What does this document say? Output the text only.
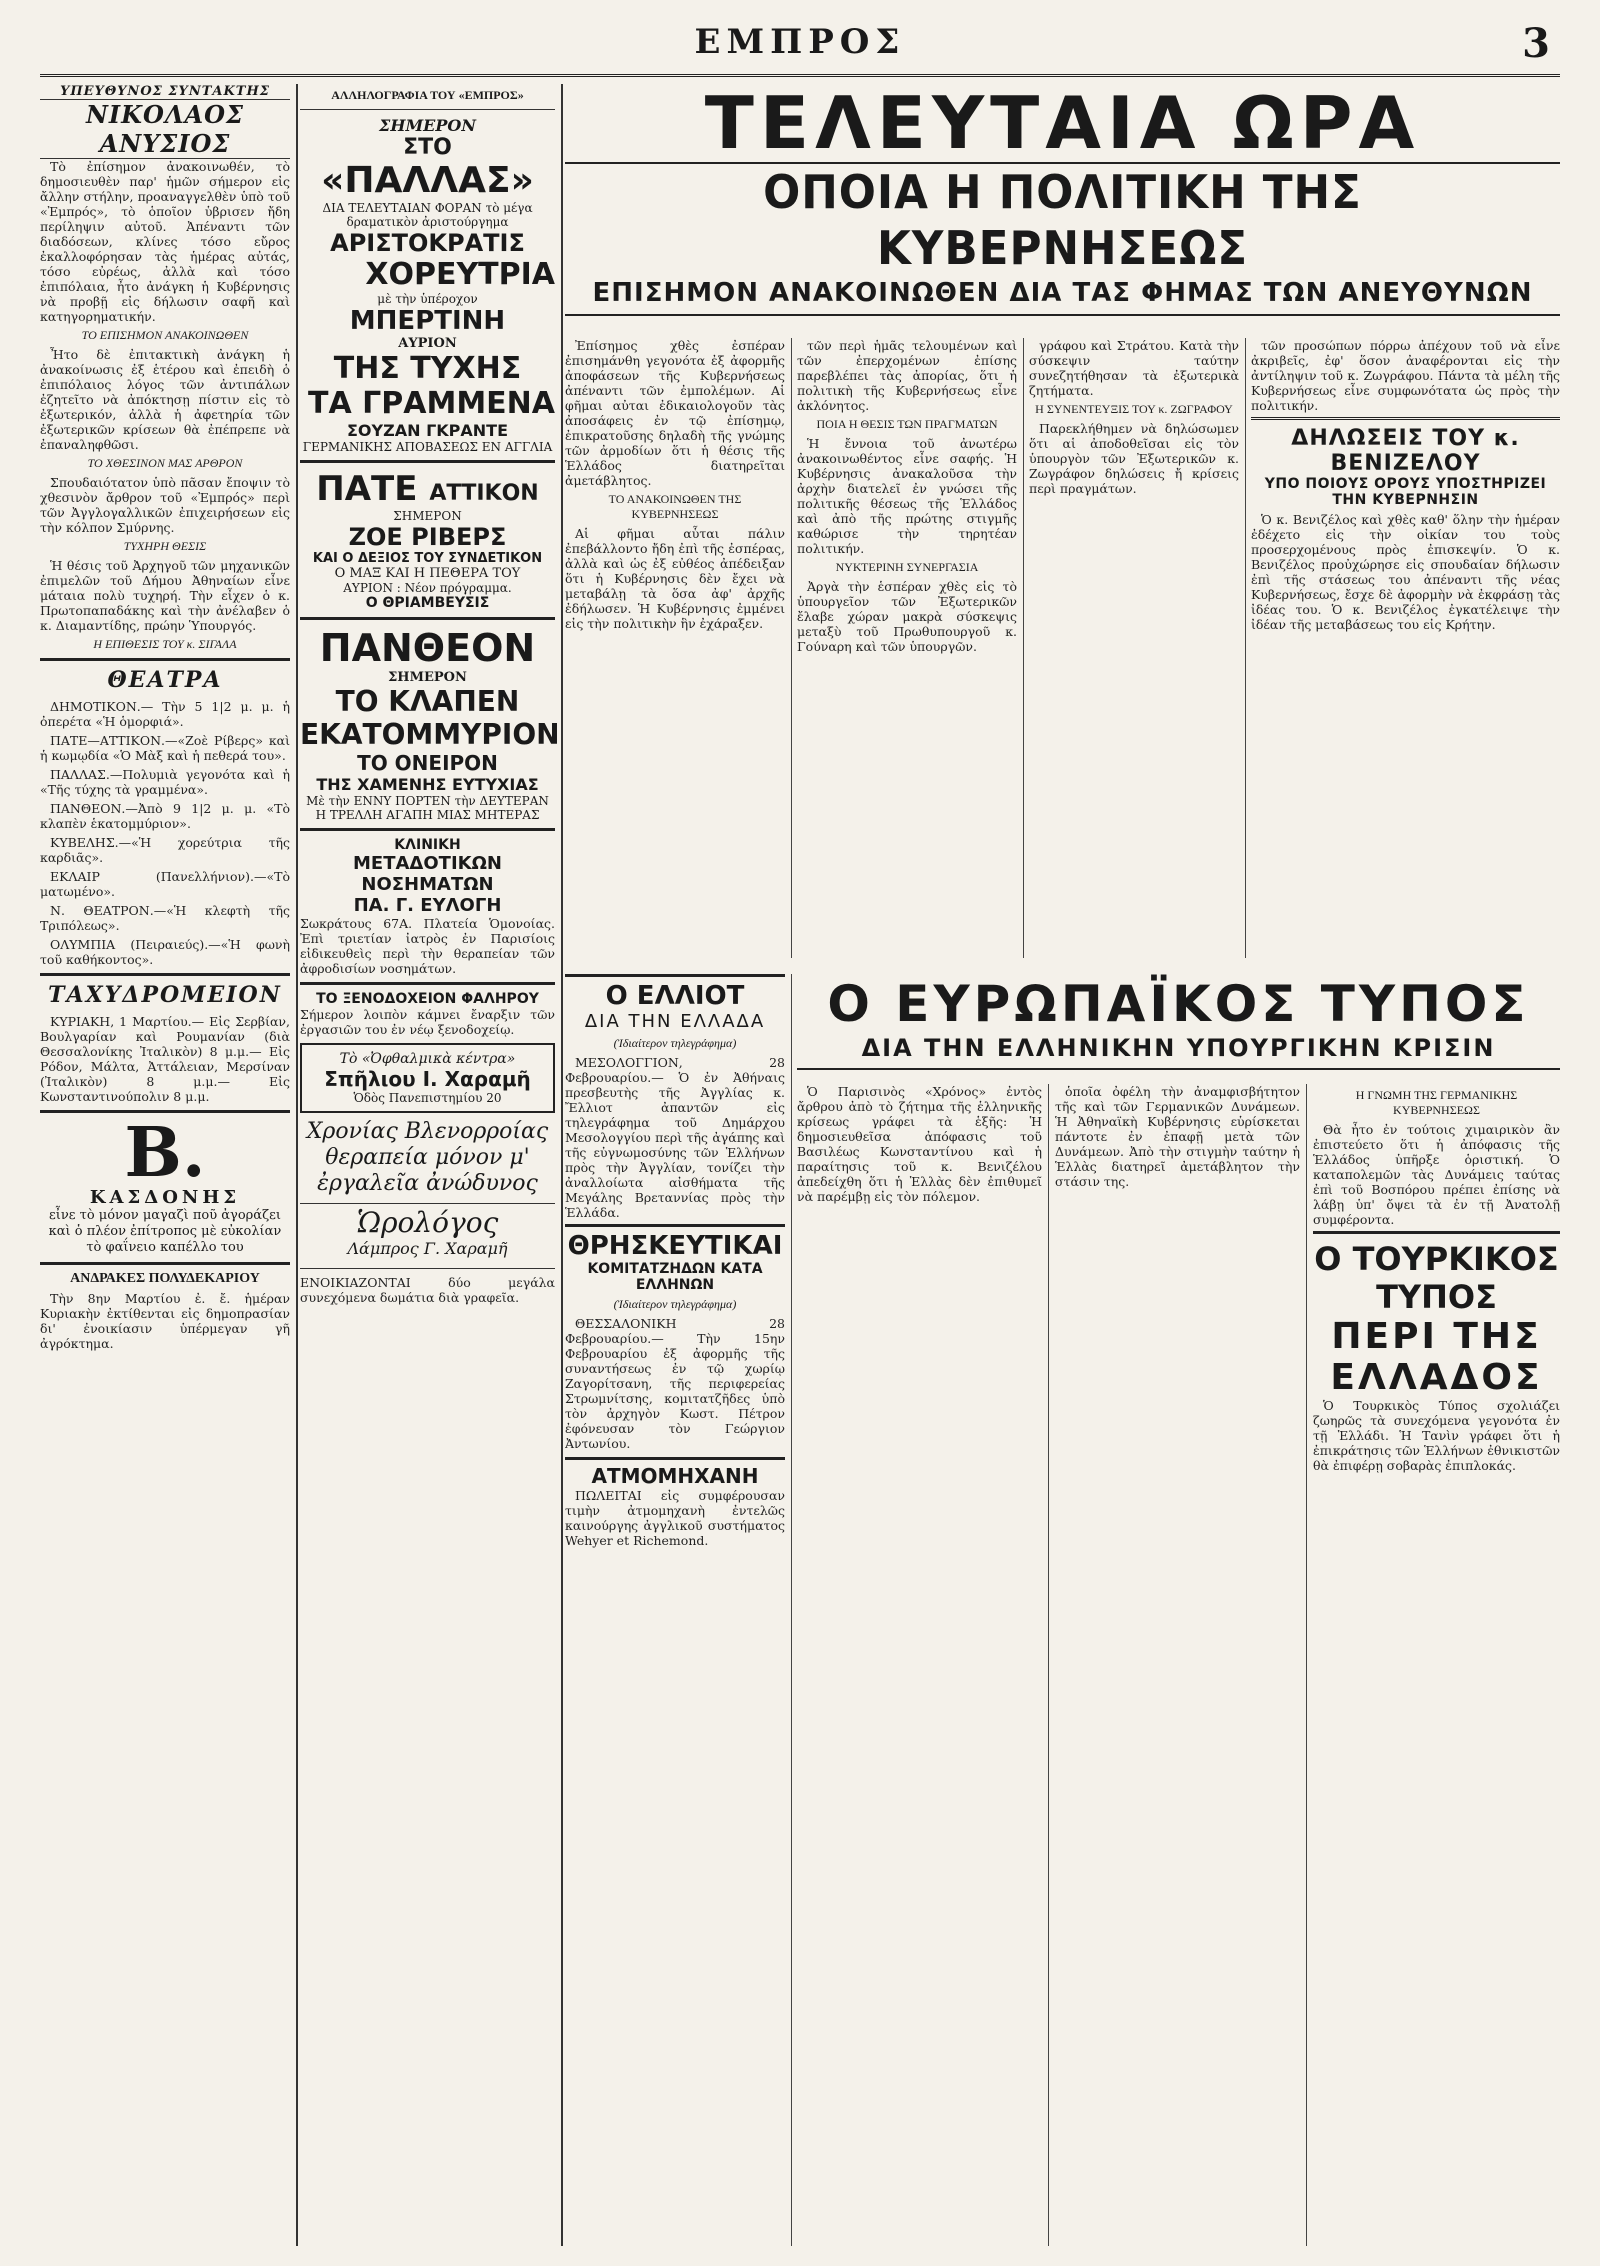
ΕΜΠΡΟΣ	3
ΥΠΕΥΘΥΝΟΣ ΣΥΝΤΑΚΤΗΣ
ΝΙΚΟΛΑΟΣ ΑΝΥΣΙΟΣ

Τὸ ἐπίσημον ἀνακοινωθέν, τὸ δημοσιευθὲν παρ' ἡμῶν σήμερον εἰς ἄλλην στήλην, προαναγγελθὲν ὑπὸ τοῦ «Ἐμπρός», τὸ ὁποῖον ὑβρισεν ἤδη περίληψιν αὐτοῦ. Ἀπέναντι τῶν διαδόσεων, κλίνες τόσο εὔρος ἐκαλλοφόρησαν τὰς ἡμέρας αὐτάς, τόσο εὐρέως, ἀλλὰ καὶ τόσο ἐπιπόλαια, ἦτο ἀνάγκη ἡ Κυβέρνησις νὰ προβῇ εἰς δήλωσιν σαφῆ καὶ κατηγορηματικήν.

ΤΟ ΕΠΙΣΗΜΟΝ ΑΝΑΚΟΙΝΩΘΕΝ

Ἦτο δὲ ἐπιτακτικὴ ἀνάγκη ἡ ἀνακοίνωσις ἐξ ἑτέρου καὶ ἐπειδὴ ὁ ἐπιπόλαιος λόγος τῶν ἀντιπάλων ἐζητεῖτο νὰ ἀπόκτησῃ πίστιν εἰς τὸ ἐξωτερικόν, ἀλλὰ ἡ ἀφετηρία τῶν ἐξωτερικῶν κρίσεων θὰ ἐπέπρεπε νὰ ἐπαναληφθῶσι.

ΤΟ ΧΘΕΣΙΝΟΝ ΜΑΣ ΑΡΘΡΟΝ

Σπουδαιότατον ὑπὸ πᾶσαν ἔποψιν τὸ χθεσινὸν ἄρθρον τοῦ «Ἐμπρός» περὶ τῶν Ἀγγλογαλλικῶν ἐπιχειρήσεων εἰς τὴν κόλπον Σμύρνης.

ΤΥΧΗΡΗ ΘΕΣΙΣ

Ἡ θέσις τοῦ Ἀρχηγοῦ τῶν μηχανικῶν ἐπιμελῶν τοῦ Δήμου Ἀθηναίων εἶνε μάταια πολὺ τυχηρή. Τὴν εἶχεν ὁ κ. Πρωτοπαπαδάκης καὶ τὴν ἀνέλαβεν ὁ κ. Διαμαντίδης, πρώην Ὑπουργός.

Η ΕΠΙΘΕΣΙΣ ΤΟΥ κ. ΣΙΓΑΛΑ
ΘΕΑΤΡΑ

ΔΗΜΟΤΙΚΟΝ.— Τὴν 5 1|2 μ. μ. ἡ ὀπερέτα «Ἡ ὁμορφιά».

ΠΑΤΕ—ΑΤΤΙΚΟΝ.—«Ζοὲ Ρίβερς» καὶ ἡ κωμῳδία «Ὁ Μὰξ καὶ ἡ πεθερά του».

ΠΑΛΛΑΣ.—Πολυμιὰ γεγονότα καὶ ἡ «Τῆς τύχης τὰ γραμμένα».

ΠΑΝΘΕΟΝ.—Ἀπὸ 9 1|2 μ. μ. «Τὸ κλαπὲν ἑκατομμύριον».

ΚΥΒΕΛΗΣ.—«Ἡ χορεύτρια τῆς καρδιᾶς».

ΕΚΛΑΙΡ (Πανελλήνιον).—«Τὸ ματωμένο».

Ν. ΘΕΑΤΡΟΝ.—«Ἡ κλεφτὴ τῆς Τριπόλεως».

ΟΛΥΜΠΙΑ (Πειραιεύς).—«Ἡ φωνὴ τοῦ καθήκοντος».

ΤΑΧΥΔΡΟΜΕΙΟΝ

ΚΥΡΙΑΚΗ, 1 Μαρτίου.— Εἰς Σερβίαν, Βουλγαρίαν καὶ Ρουμανίαν (διὰ Θεσσαλονίκης Ἰταλικὸν) 8 μ.μ.— Εἰς Ρόδον, Μάλτα, Ἀττάλειαν, Μερσίναν (Ἰταλικὸν) 8 μ.μ.— Εἰς Κωνσταντινούπολιν 8 μ.μ.

Β.
ΚΑΣΔΟΝΗΣ
εἶνε τὸ μόνον μαγαζὶ ποῦ ἀγοράζει καὶ ὁ πλέον ἐπίτροπος μὲ εὐκολίαν τὸ φαΐνειο καπέλλο του
ΑΝΔΡΑΚΕΣ ΠΟΛΥΔΕΚΑΡΙΟΥ

Τὴν 8ην Μαρτίου ἐ. ἔ. ἡμέραν Κυριακὴν ἐκτίθενται εἰς δημοπρασίαν δι' ἐνοικίασιν ὑπέρμεγαν γῆ ἀγρόκτημα.

ΑΛΛΗΛΟΓΡΑΦΙΑ ΤΟΥ «ΕΜΠΡΟΣ»
ΣΗΜΕΡΟΝ
ΣΤΟ «ΠΑΛΛΑΣ»
ΔΙΑ ΤΕΛΕΥΤΑΙΑΝ ΦΟΡΑΝ τὸ μέγα δραματικὸν ἀριστούργημα
ΑΡΙΣΤΟΚΡΑΤΙΣ
ΧΟΡΕΥΤΡΙΑ
μὲ τὴν ὑπέροχον
ΜΠΕΡΤΙΝΗ
ΑΥΡΙΟΝ
ΤΗΣ ΤΥΧΗΣ
ΤΑ ΓΡΑΜΜΕΝΑ
ΣΟΥΖΑΝ ΓΚΡΑΝΤΕ
ΓΕΡΜΑΝΙΚΗΣ ΑΠΟΒΑΣΕΩΣ ΕΝ ΑΓΓΛΙΑ
ΠΑΤΕ ΑΤΤΙΚΟΝ
ΣΗΜΕΡΟΝ
ΖΟΕ ΡΙΒΕΡΣ
ΚΑΙ Ο ΔΕΞΙΟΣ ΤΟΥ ΣΥΝΔΕΤΙΚΟΝ
Ο ΜΑΞ ΚΑΙ Η ΠΕΘΕΡΑ ΤΟΥ
ΑΥΡΙΟΝ : Νέον πρόγραμμα.
Ο ΘΡΙΑΜΒΕΥΣΙΣ
ΠΑΝΘΕΟΝ
ΣΗΜΕΡΟΝ
ΤΟ ΚΛΑΠΕΝ
ΕΚΑΤΟΜΜΥΡΙΟΝ
ΤΟ ΟΝΕΙΡΟΝ
ΤΗΣ ΧΑΜΕΝΗΣ ΕΥΤΥΧΙΑΣ
Μὲ τὴν ΕΝΝΥ ΠΟΡΤΕΝ τὴν ΔΕΥΤΕΡΑΝ
Η ΤΡΕΛΛΗ ΑΓΑΠΗ ΜΙΑΣ ΜΗΤΕΡΑΣ
ΚΛΙΝΙΚΗ
ΜΕΤΑΔΟΤΙΚΩΝ ΝΟΣΗΜΑΤΩΝ
ΠΑ. Γ. ΕΥΛΟΓΗ
Σωκράτους 67Α. Πλατεία Ὁμονοίας. Ἐπὶ τριετίαν ἰατρὸς ἐν Παρισίοις εἰδικευθεὶς περὶ τὴν θεραπείαν τῶν ἀφροδισίων νοσημάτων.
ΤΟ ΞΕΝΟΔΟΧΕΙΟΝ ΦΑΛΗΡΟΥ
Σήμερον λοιπὸν κάμνει ἔναρξιν τῶν ἐργασιῶν του ἐν νέῳ ξενοδοχείῳ.
Τὸ «Ὀφθαλμικὰ κέντρα»
Σπῆλιου Ι. Χαραμῆ
Ὁδὸς Πανεπιστημίου 20
Χρονίας Βλενορροίας θεραπεία μόνον μ' ἐργαλεῖα ἀνώδυνος
Ὡρολόγος
Λάμπρος Γ. Χαραμῆ
ΕΝΟΙΚΙΑΖΟΝΤΑΙ δύο μεγάλα συνεχόμενα δωμάτια διὰ γραφεῖα.
ΤΕΛΕΥΤΑΙΑ ΩΡΑ
ΟΠΟΙΑ Η ΠΟΛΙΤΙΚΗ ΤΗΣ ΚΥΒΕΡΝΗΣΕΩΣ
ΕΠΙΣΗΜΟΝ ΑΝΑΚΟΙΝΩΘΕΝ ΔΙΑ ΤΑΣ ΦΗΜΑΣ ΤΩΝ ΑΝΕΥΘΥΝΩΝ

Ἐπίσημος χθὲς ἐσπέραν ἐπισημάνθη γεγονότα ἐξ ἀφορμῆς ἀποφάσεων τῆς Κυβερνήσεως ἀπέναντι τῶν ἐμπολέμων. Αἱ φῆμαι αὐται ἐδικαιολογοῦν τὰς ἀποσάφεις ἐν τῷ ἐπίσημῳ, ἐπικρατοῦσης δηλαδὴ τῆς γνώμης τῶν ἀρμοδίων ὅτι ἡ θέσις τῆς Ἑλλάδος διατηρεῖται ἀμετάβλητος.

ΤΟ ΑΝΑΚΟΙΝΩΘΕΝ ΤΗΣ ΚΥΒΕΡΝΗΣΕΩΣ

Αἱ φῆμαι αὗται πάλιν ἐπεβάλλοντο ἤδη ἐπὶ τῆς ἐσπέρας, ἀλλὰ καὶ ὡς ἐξ εὐθέος ἀπέδειξαν ὅτι ἡ Κυβέρνησις δὲν ἔχει νὰ μεταβάλῃ τὰ ὅσα ἀφ' ἀρχῆς ἐδήλωσεν. Ἡ Κυβέρνησις ἐμμένει εἰς τὴν πολιτικὴν ἣν ἐχάραξεν.

τῶν περὶ ἡμᾶς τελουμένων καὶ τῶν ἐπερχομένων ἐπίσης παρεβλέπει τὰς ἀπορίας, ὅτι ἡ πολιτικὴ τῆς Κυβερνήσεως εἶνε ἀκλόνητος.

ΠΟΙΑ Η ΘΕΣΙΣ ΤΩΝ ΠΡΑΓΜΑΤΩΝ

Ἡ ἔννοια τοῦ ἀνωτέρω ἀνακοινωθέντος εἶνε σαφής. Ἡ Κυβέρνησις ἀνακαλοῦσα τὴν ἀρχὴν διατελεῖ ἐν γνώσει τῆς πολιτικῆς θέσεως τῆς Ἑλλάδος καὶ ἀπὸ τῆς πρώτης στιγμῆς καθώρισε τὴν τηρητέαν πολιτικήν.

ΝΥΚΤΕΡΙΝΗ ΣΥΝΕΡΓΑΣΙΑ

Ἀργὰ τὴν ἑσπέραν χθὲς εἰς τὸ ὑπουργεῖον τῶν Ἐξωτερικῶν ἔλαβε χώραν μακρὰ σύσκεψις μεταξὺ τοῦ Πρωθυπουργοῦ κ. Γούναρη καὶ τῶν ὑπουργῶν.

γράφου καὶ Στράτου. Κατὰ τὴν σύσκεψιν ταύτην συνεζητήθησαν τὰ ἐξωτερικὰ ζητήματα.

Η ΣΥΝΕΝΤΕΥΞΙΣ ΤΟΥ κ. ΖΩΓΡΑΦΟΥ

Παρεκλήθημεν νὰ δηλώσωμεν ὅτι αἱ ἀποδοθεῖσαι εἰς τὸν ὑπουργὸν τῶν Ἐξωτερικῶν κ. Ζωγράφον δηλώσεις ἤ κρίσεις περὶ πραγμάτων.

τῶν προσώπων πόρρω ἀπέχουν τοῦ νὰ εἶνε ἀκριβεῖς, ἐφ' ὅσον ἀναφέρονται εἰς τὴν ἀντίληψιν τοῦ κ. Ζωγράφου. Πάντα τὰ μέλη τῆς Κυβερνήσεως εἶνε συμφωνότατα ὡς πρὸς τὴν πολιτικήν.

ΔΗΛΩΣΕΙΣ ΤΟΥ κ. ΒΕΝΙΖΕΛΟΥ
ΥΠΟ ΠΟΙΟΥΣ ΟΡΟΥΣ ΥΠΟΣΤΗΡΙΖΕΙ ΤΗΝ ΚΥΒΕΡΝΗΣΙΝ

Ὁ κ. Βενιζέλος καὶ χθὲς καθ' ὅλην τὴν ἡμέραν ἐδέχετο εἰς τὴν οἰκίαν του τοὺς προσερχομένους πρὸς ἐπισκεψίν. Ὁ κ. Βενιζέλος προὐχώρησε εἰς σπουδαίαν δήλωσιν ἐπὶ τῆς στάσεως του ἀπέναντι τῆς νέας Κυβερνήσεως, ἔσχε δὲ ἀφορμὴν νὰ ἐκφράσῃ τὰς ἰδέας του. Ὁ κ. Βενιζέλος ἐγκατέλειψε τὴν ἰδέαν τῆς μεταβάσεως του εἰς Κρήτην.

Ο ΕΛΛΙΟΤ
ΔΙΑ ΤΗΝ ΕΛΛΑΔΑ
(Ἰδιαίτερον τηλεγράφημα)

ΜΕΣΟΛΟΓΓΙΟΝ, 28 Φεβρουαρίου.— Ὁ ἐν Ἀθήναις πρεσβευτὴς τῆς Ἀγγλίας κ. Ἔλλιοτ ἀπαντῶν εἰς τηλεγράφημα τοῦ Δημάρχου Μεσολογγίου περὶ τῆς ἀγάπης καὶ τῆς εὐγνωμοσύνης τῶν Ἑλλήνων πρὸς τὴν Ἀγγλίαν, τονίζει τὴν ἀναλλοίωτα αἰσθήματα τῆς Μεγάλης Βρεταννίας πρὸς τὴν Ἑλλάδα.

ΘΡΗΣΚΕΥΤΙΚΑΙ
ΚΟΜΙΤΑΤΖΗΔΩΝ ΚΑΤΑ ΕΛΛΗΝΩΝ
(Ἰδιαίτερον τηλεγράφημα)

ΘΕΣΣΑΛΟΝΙΚΗ 28 Φεβρουαρίου.— Τὴν 15ην Φεβρουαρίου ἐξ ἀφορμῆς τῆς συναντήσεως ἐν τῷ χωρίῳ Ζαγορίτσανη, τῆς περιφερείας Στρωμνίτσης, κομιτατζῆδες ὑπὸ τὸν ἀρχηγὸν Κωστ. Πέτρον ἐφόνευσαν τὸν Γεώργιον Ἀντωνίου.

ΑΤΜΟΜΗΧΑΝΗ

ΠΩΛΕΙΤΑΙ εἰς συμφέρουσαν τιμὴν ἀτμομηχανὴ ἐντελῶς καινούργης ἀγγλικοῦ συστήματος Wehyer et Richemond.

Ο ΕΥΡΩΠΑΪΚΟΣ ΤΥΠΟΣ
ΔΙΑ ΤΗΝ ΕΛΛΗΝΙΚΗΝ ΥΠΟΥΡΓΙΚΗΝ ΚΡΙΣΙΝ

Ὁ Παρισινὸς «Χρόνος» ἐντὸς ἄρθρου ἀπὸ τὸ ζήτημα τῆς ἑλληνικῆς κρίσεως γράφει τὰ ἑξῆς: Ἡ δημοσιευθεῖσα ἀπόφασις τοῦ Βασιλέως Κωνσταντίνου καὶ ἡ παραίτησις τοῦ κ. Βενιζέλου ἀπεδείχθη ὅτι ἡ Ἑλλὰς δὲν ἐπιθυμεῖ νὰ παρέμβῃ εἰς τὸν πόλεμον.

ὁποῖα ὀφέλη τὴν ἀναμφισβήτητον τῆς καὶ τῶν Γερμανικῶν Δυνάμεων. Ἡ Ἀθηναϊκὴ Κυβέρνησις εὑρίσκεται πάντοτε ἐν ἐπαφῇ μετὰ τῶν Δυνάμεων. Ἀπὸ τὴν στιγμὴν ταύτην ἡ Ἑλλὰς διατηρεῖ ἀμετάβλητον τὴν στάσιν της.

Η ΓΝΩΜΗ ΤΗΣ ΓΕΡΜΑΝΙΚΗΣ ΚΥΒΕΡΝΗΣΕΩΣ

Θὰ ἦτο ἐν τούτοις χιμαιρικὸν ἂν ἐπιστεύετο ὅτι ἡ ἀπόφασις τῆς Ἑλλάδος ὑπῆρξε ὁριστική. Ὁ καταπολεμῶν τὰς Δυνάμεις ταύτας ἐπὶ τοῦ Βοσπόρου πρέπει ἐπίσης νὰ λάβῃ ὑπ' ὄψει τὰ ἐν τῇ Ἀνατολῇ συμφέροντα.

Ο ΤΟΥΡΚΙΚΟΣ ΤΥΠΟΣ
ΠΕΡΙ ΤΗΣ ΕΛΛΑΔΟΣ

Ὁ Τουρκικὸς Τύπος σχολιάζει ζωηρῶς τὰ συνεχόμενα γεγονότα ἐν τῇ Ἑλλάδι. Ἡ Τανὶν γράφει ὅτι ἡ ἐπικράτησις τῶν Ἑλλήνων ἐθνικιστῶν θὰ ἐπιφέρῃ σοβαρὰς ἐπιπλοκάς.
